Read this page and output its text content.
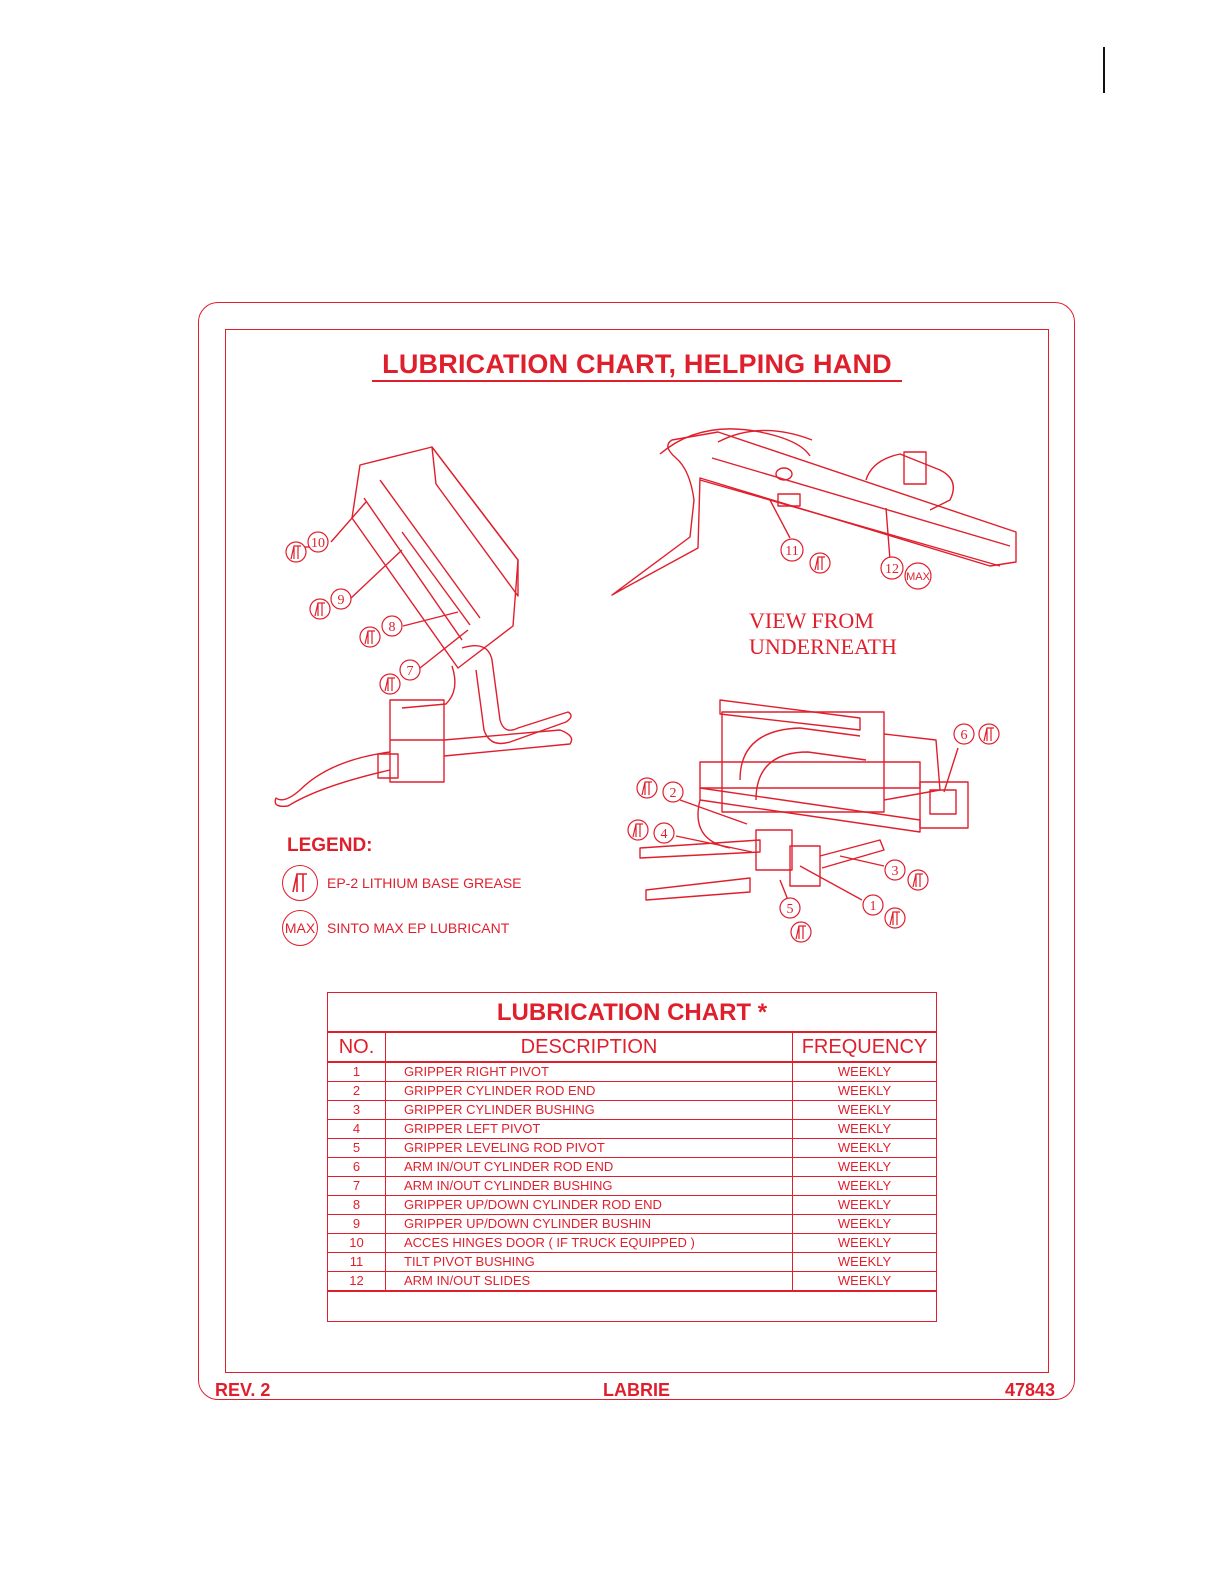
LUBRICATION CHART, HELPING HAND
10
9
8
7
11
12 MAX
6
2
4
3
5	1
VIEW FROM
UNDERNEATH
LEGEND:
EP-2 LITHIUM BASE GREASE
MAX SINTO MAX EP LUBRICANT
LUBRICATION CHART *
NO.	DESCRIPTION	FREQUENCY
1	GRIPPER RIGHT PIVOT	WEEKLY
2	GRIPPER CYLINDER ROD END	WEEKLY
3	GRIPPER CYLINDER BUSHING	WEEKLY
4	GRIPPER LEFT PIVOT	WEEKLY
5	GRIPPER LEVELING ROD PIVOT	WEEKLY
6	ARM IN/OUT CYLINDER ROD END	WEEKLY
7	ARM IN/OUT CYLINDER BUSHING	WEEKLY
8	GRIPPER UP/DOWN CYLINDER ROD END	WEEKLY
9	GRIPPER UP/DOWN CYLINDER BUSHIN	WEEKLY
10	ACCES HINGES DOOR ( IF TRUCK EQUIPPED )	WEEKLY
11	TILT PIVOT BUSHING	WEEKLY
12	ARM IN/OUT SLIDES	WEEKLY
REV. 2	LABRIE	47843
